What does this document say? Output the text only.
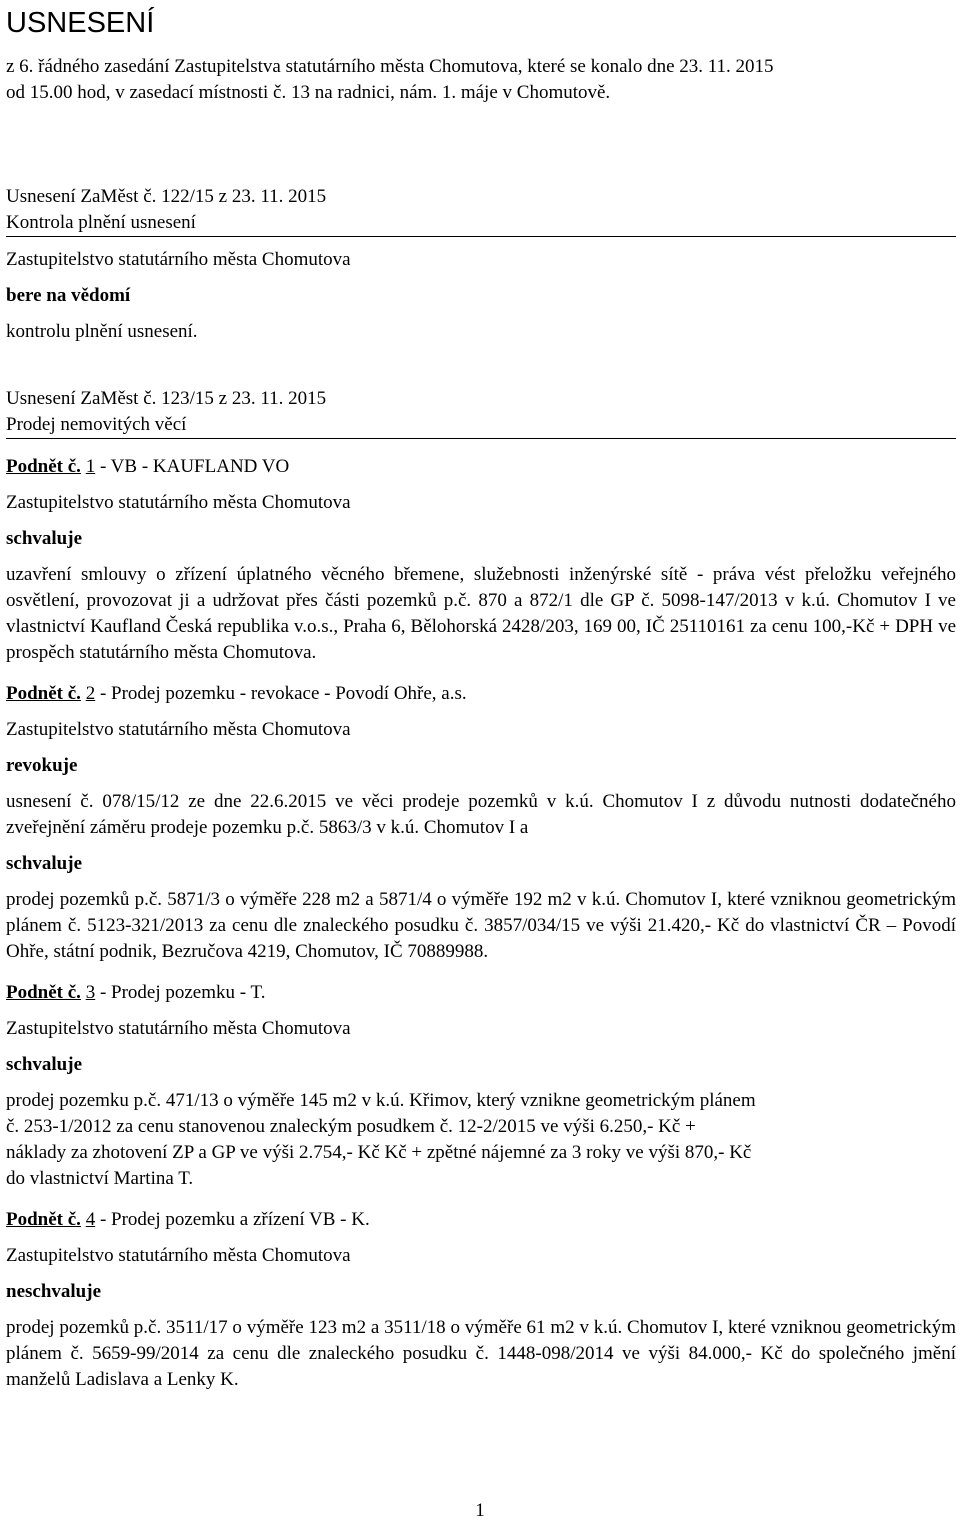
USNESENÍ
z 6. řádného zasedání Zastupitelstva statutárního města Chomutova, které se konalo dne 23. 11. 2015
od 15.00 hod, v zasedací místnosti č. 13 na radnici, nám. 1. máje v Chomutově.
Usnesení ZaMěst č. 122/15 z 23. 11. 2015
Kontrola plnění usnesení
Zastupitelstvo statutárního města Chomutova
bere na vědomí
kontrolu plnění usnesení.
Usnesení ZaMěst č. 123/15 z 23. 11. 2015
Prodej nemovitých věcí
Podnět č. 1 - VB - KAUFLAND VO
Zastupitelstvo statutárního města Chomutova
schvaluje
uzavření smlouvy o zřízení úplatného věcného břemene, služebnosti inženýrské sítě - práva vést přeložku veřejného osvětlení, provozovat ji a udržovat přes části pozemků p.č. 870 a 872/1 dle GP č. 5098-147/2013 v k.ú. Chomutov I ve vlastnictví Kaufland Česká republika v.o.s., Praha 6, Bělohorská 2428/203, 169 00, IČ 25110161 za cenu 100,-Kč + DPH ve prospěch statutárního města Chomutova.
Podnět č. 2 - Prodej pozemku - revokace - Povodí Ohře, a.s.
Zastupitelstvo statutárního města Chomutova
revokuje
usnesení č. 078/15/12 ze dne 22.6.2015 ve věci prodeje pozemků v k.ú. Chomutov I z důvodu nutnosti dodatečného zveřejnění záměru prodeje pozemku p.č. 5863/3 v k.ú. Chomutov I a
schvaluje
prodej pozemků p.č. 5871/3 o výměře 228 m2 a 5871/4 o výměře 192 m2 v k.ú. Chomutov I, které vzniknou geometrickým plánem č. 5123-321/2013 za cenu dle znaleckého posudku č. 3857/034/15 ve výši 21.420,- Kč do vlastnictví ČR – Povodí Ohře, státní podnik, Bezručova 4219, Chomutov, IČ 70889988.
Podnět č. 3 - Prodej pozemku - T.
Zastupitelstvo statutárního města Chomutova
schvaluje
prodej pozemku p.č. 471/13 o výměře 145 m2 v k.ú. Křimov, který vznikne geometrickým plánem
č. 253-1/2012 za cenu stanovenou znaleckým posudkem č. 12-2/2015 ve výši 6.250,- Kč +
náklady za zhotovení ZP a GP ve výši 2.754,- Kč Kč + zpětné nájemné za 3 roky ve výši 870,- Kč
do vlastnictví Martina T.
Podnět č. 4 - Prodej pozemku a zřízení VB - K.
Zastupitelstvo statutárního města Chomutova
neschvaluje
prodej pozemků p.č. 3511/17 o výměře 123 m2 a 3511/18 o výměře 61 m2 v k.ú. Chomutov I, které vzniknou geometrickým plánem č. 5659-99/2014 za cenu dle znaleckého posudku č. 1448-098/2014 ve výši 84.000,- Kč do společného jmění manželů Ladislava a Lenky K.
1
